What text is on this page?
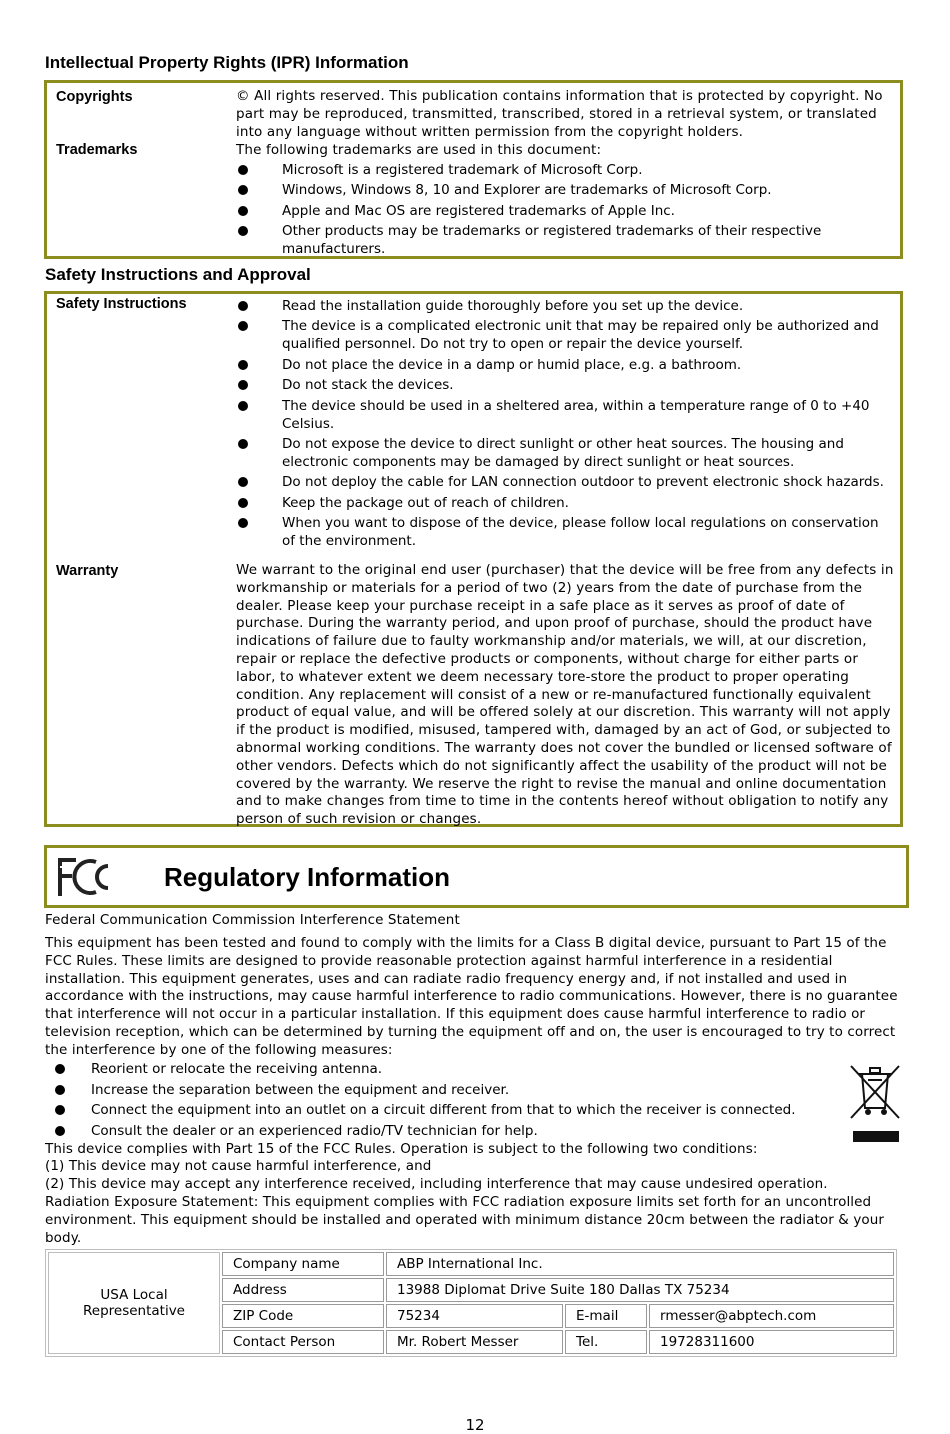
Intellectual Property Rights (IPR) Information
Copyrights	© All rights reserved. This publication contains information that is protected by copyright. No part may be reproduced, transmitted, transcribed, stored in a retrieval system, or translated into any language without written permission from the copyright holders.
Trademarks	The following trademarks are used in this document:
Microsoft is a registered trademark of Microsoft Corp.
Windows, Windows 8, 10 and Explorer are trademarks of Microsoft Corp.
Apple and Mac OS are registered trademarks of Apple Inc.
Other products may be trademarks or registered trademarks of their respective manufacturers.
Safety Instructions and Approval
Safety Instructions	Read the installation guide thoroughly before you set up the device.
The device is a complicated electronic unit that may be repaired only be authorized and qualified personnel. Do not try to open or repair the device yourself.
Do not place the device in a damp or humid place, e.g. a bathroom.
Do not stack the devices.
The device should be used in a sheltered area, within a temperature range of 0 to +40 Celsius.
Do not expose the device to direct sunlight or other heat sources. The housing and electronic components may be damaged by direct sunlight or heat sources.
Do not deploy the cable for LAN connection outdoor to prevent electronic shock hazards.
Keep the package out of reach of children.
When you want to dispose of the device, please follow local regulations on conservation of the environment.
Warranty	We warrant to the original end user (purchaser) that the device will be free from any defects in workmanship or materials for a period of two (2) years from the date of purchase from the dealer. Please keep your purchase receipt in a safe place as it serves as proof of date of purchase. During the warranty period, and upon proof of purchase, should the product have indications of failure due to faulty workmanship and/or materials, we will, at our discretion, repair or replace the defective products or components, without charge for either parts or labor, to whatever extent we deem necessary tore-store the product to proper operating condition. Any replacement will consist of a new or re-manufactured functionally equivalent product of equal value, and will be offered solely at our discretion. This warranty will not apply if the product is modified, misused, tampered with, damaged by an act of God, or subjected to abnormal working conditions. The warranty does not cover the bundled or licensed software of other vendors. Defects which do not significantly affect the usability of the product will not be covered by the warranty. We reserve the right to revise the manual and online documentation and to make changes from time to time in the contents hereof without obligation to notify any person of such revision or changes.
Regulatory Information
Federal Communication Commission Interference Statement
This equipment has been tested and found to comply with the limits for a Class B digital device, pursuant to Part 15 of the FCC Rules. These limits are designed to provide reasonable protection against harmful interference in a residential installation. This equipment generates, uses and can radiate radio frequency energy and, if not installed and used in accordance with the instructions, may cause harmful interference to radio communications. However, there is no guarantee that interference will not occur in a particular installation. If this equipment does cause harmful interference to radio or television reception, which can be determined by turning the equipment off and on, the user is encouraged to try to correct the interference by one of the following measures:
Reorient or relocate the receiving antenna.
Increase the separation between the equipment and receiver.
Connect the equipment into an outlet on a circuit different from that to which the receiver is connected.
Consult the dealer or an experienced radio/TV technician for help.
This device complies with Part 15 of the FCC Rules. Operation is subject to the following two conditions:
(1) This device may not cause harmful interference, and
(2) This device may accept any interference received, including interference that may cause undesired operation.
Radiation Exposure Statement: This equipment complies with FCC radiation exposure limits set forth for an uncontrolled environment. This equipment should be installed and operated with minimum distance 20cm between the radiator & your body.
USA Local Representative	Company name	ABP International Inc.		
	Address	13988 Diplomat Drive Suite 180 Dallas TX 75234		
	ZIP Code	75234	E-mail	rmesser@abptech.com
	Contact Person	Mr. Robert Messer	Tel.	19728311600
12
